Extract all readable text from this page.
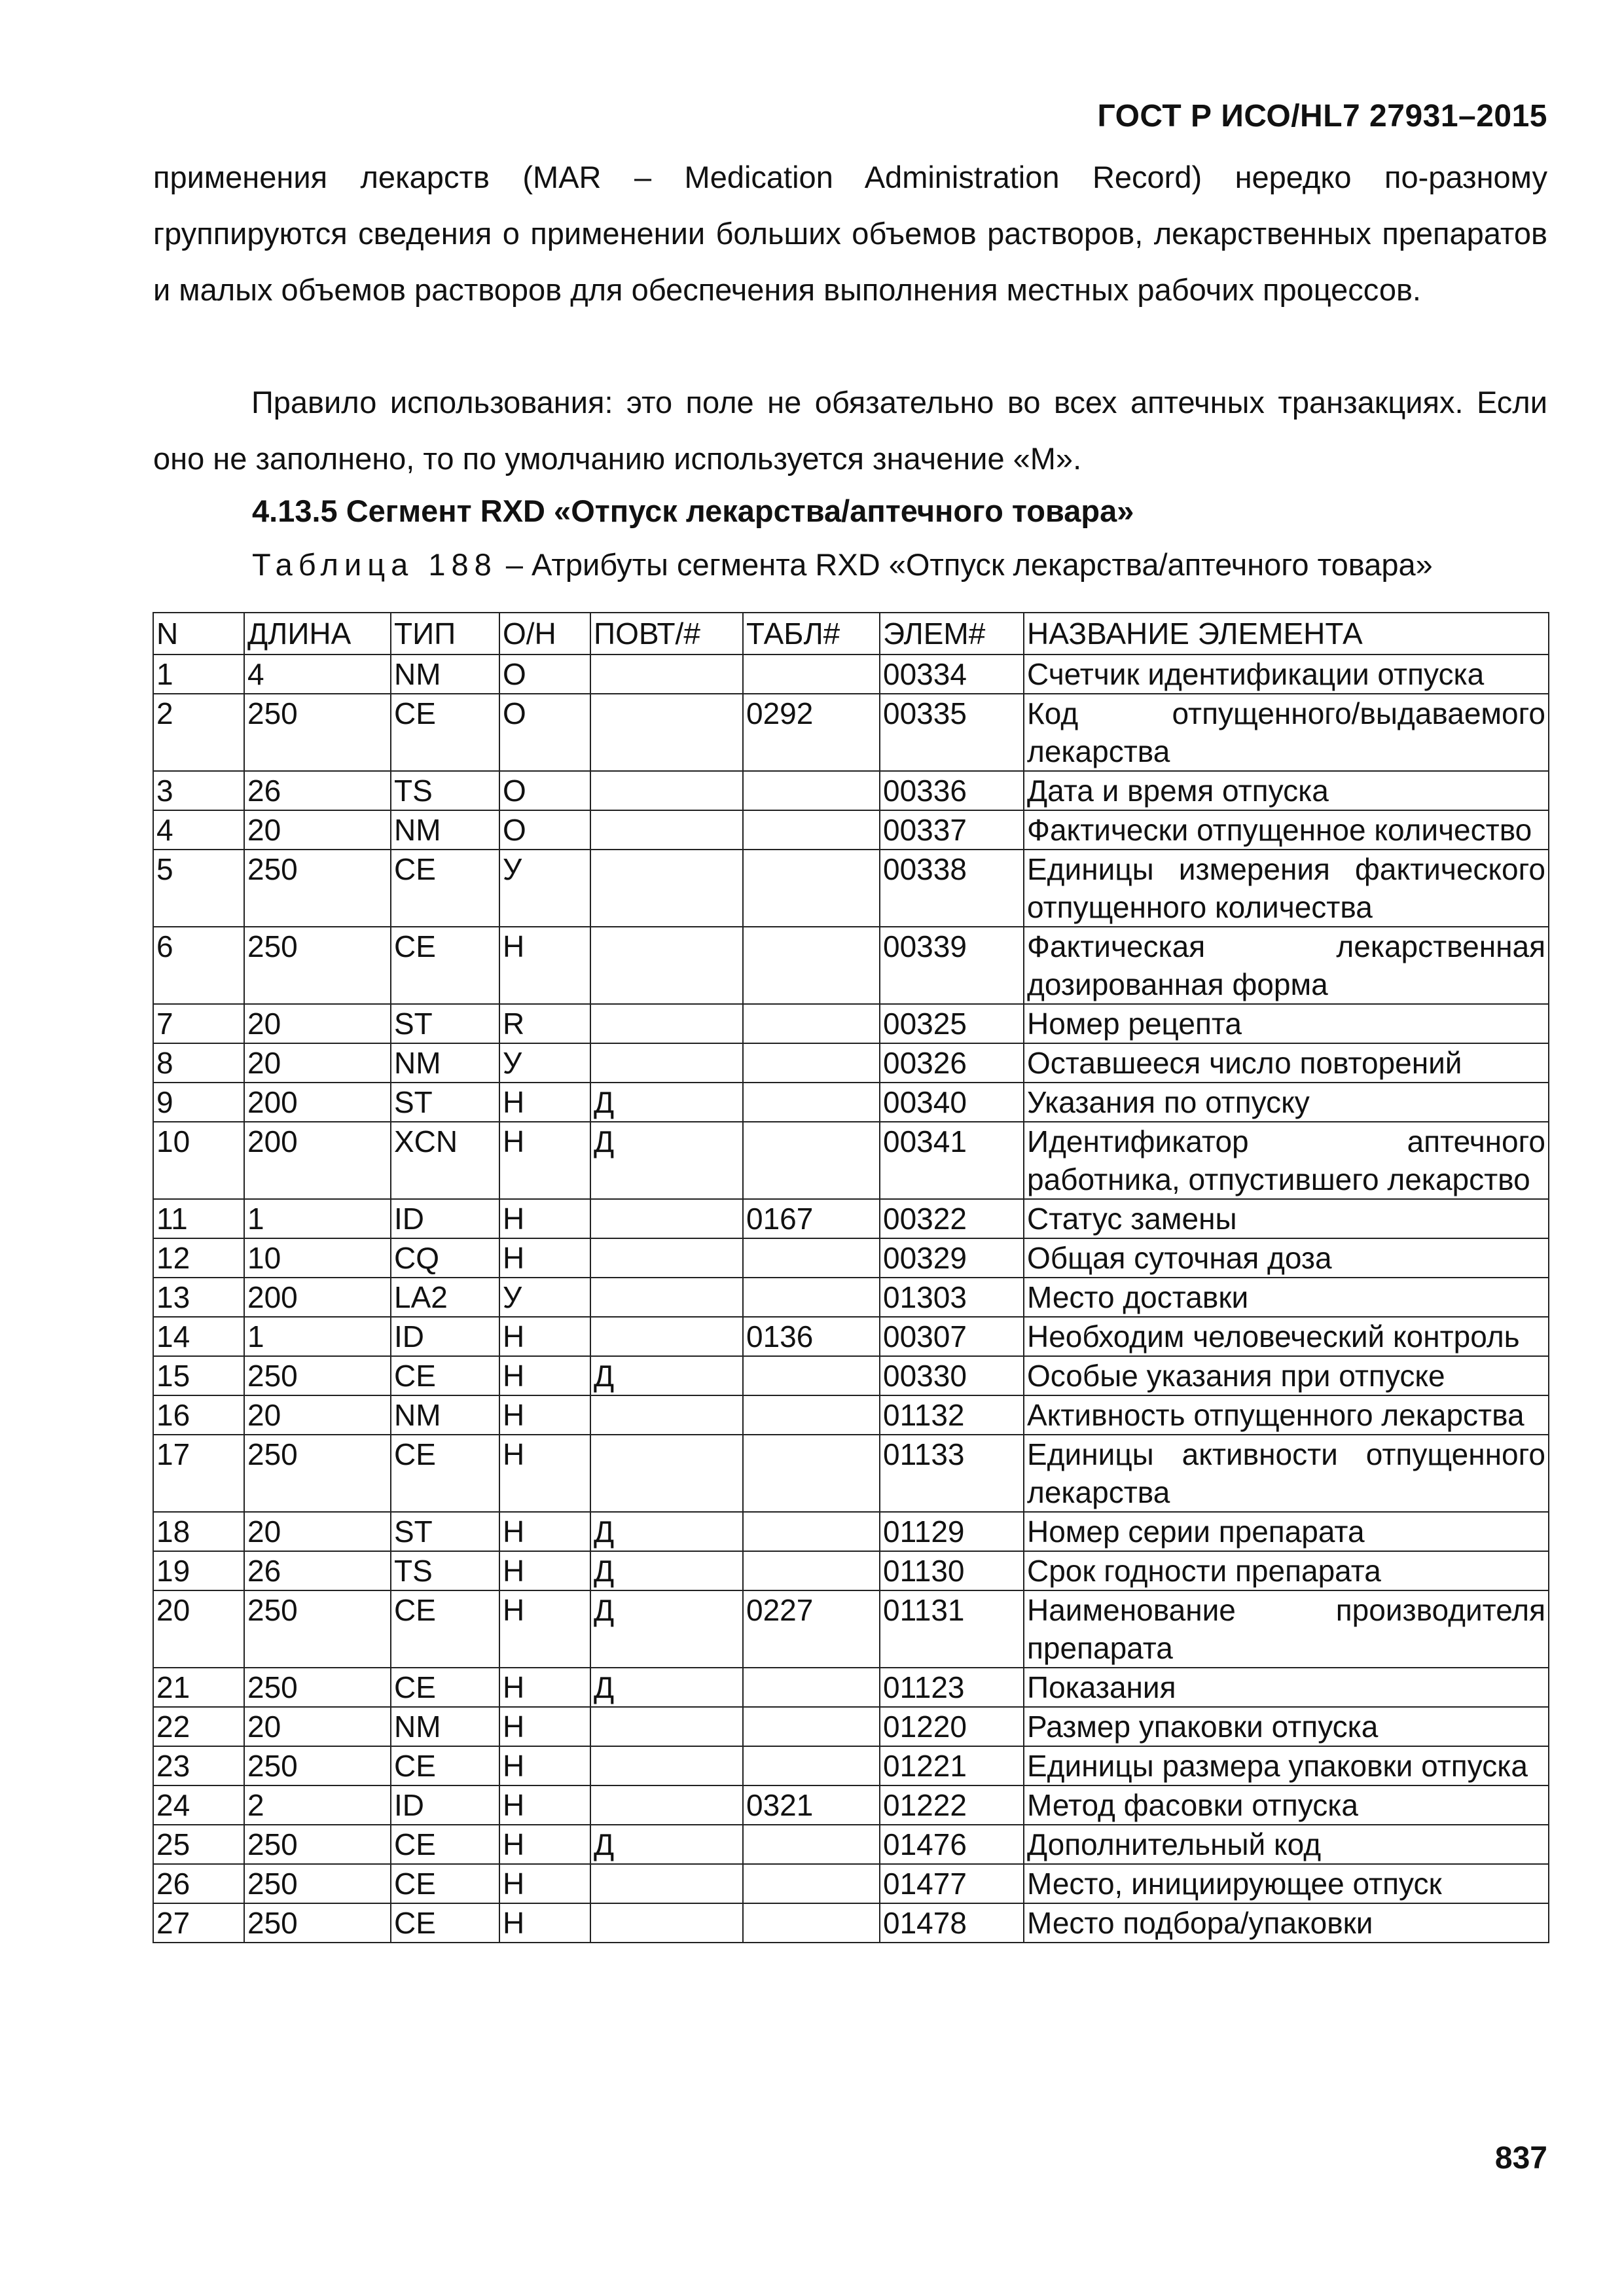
ГОСТ Р ИСО/HL7 27931–2015
применения лекарств (MAR – Medication Administration Record) нередко по-разному группируются сведения о применении больших объемов растворов, лекарственных препаратов и малых объемов растворов для обеспечения выполнения местных рабочих процессов.
Правило использования: это поле не обязательно во всех аптечных транзакциях. Если оно не заполнено, то по умолчанию используется значение «M».
4.13.5 Сегмент RXD «Отпуск лекарства/аптечного товара»
Таблица 188 – Атрибуты сегмента RXD «Отпуск лекарства/аптечного товара»
N	ДЛИНА	ТИП	О/Н	ПОВТ/#	ТАБЛ#	ЭЛЕМ#	НАЗВАНИЕ ЭЛЕМЕНТА
1	4	NM	O			00334	Счетчик идентификации отпуска
2	250	CE	O		0292	00335	Код отпущенного/выдаваемого лекарства
3	26	TS	O			00336	Дата и время отпуска
4	20	NM	O			00337	Фактически отпущенное количество
5	250	CE	У			00338	Единицы измерения фактического отпущенного количества
6	250	CE	Н			00339	Фактическая лекарственная дозированная форма
7	20	ST	R			00325	Номер рецепта
8	20	NM	У			00326	Оставшееся число повторений
9	200	ST	Н	Д		00340	Указания по отпуску
10	200	XCN	Н	Д		00341	Идентификатор аптечного работника, отпустившего лекарство
11	1	ID	Н		0167	00322	Статус замены
12	10	CQ	Н			00329	Общая суточная доза
13	200	LA2	У			01303	Место доставки
14	1	ID	Н		0136	00307	Необходим человеческий контроль
15	250	CE	Н	Д		00330	Особые указания при отпуске
16	20	NM	Н			01132	Активность отпущенного лекарства
17	250	CE	Н			01133	Единицы активности отпущенного лекарства
18	20	ST	Н	Д		01129	Номер серии препарата
19	26	TS	Н	Д		01130	Срок годности препарата
20	250	CE	Н	Д	0227	01131	Наименование производителя препарата
21	250	CE	Н	Д		01123	Показания
22	20	NM	Н			01220	Размер упаковки отпуска
23	250	CE	Н			01221	Единицы размера упаковки отпуска
24	2	ID	Н		0321	01222	Метод фасовки отпуска
25	250	CE	Н	Д		01476	Дополнительный код
26	250	CE	Н			01477	Место, инициирующее отпуск
27	250	CE	Н			01478	Место подбора/упаковки
837
